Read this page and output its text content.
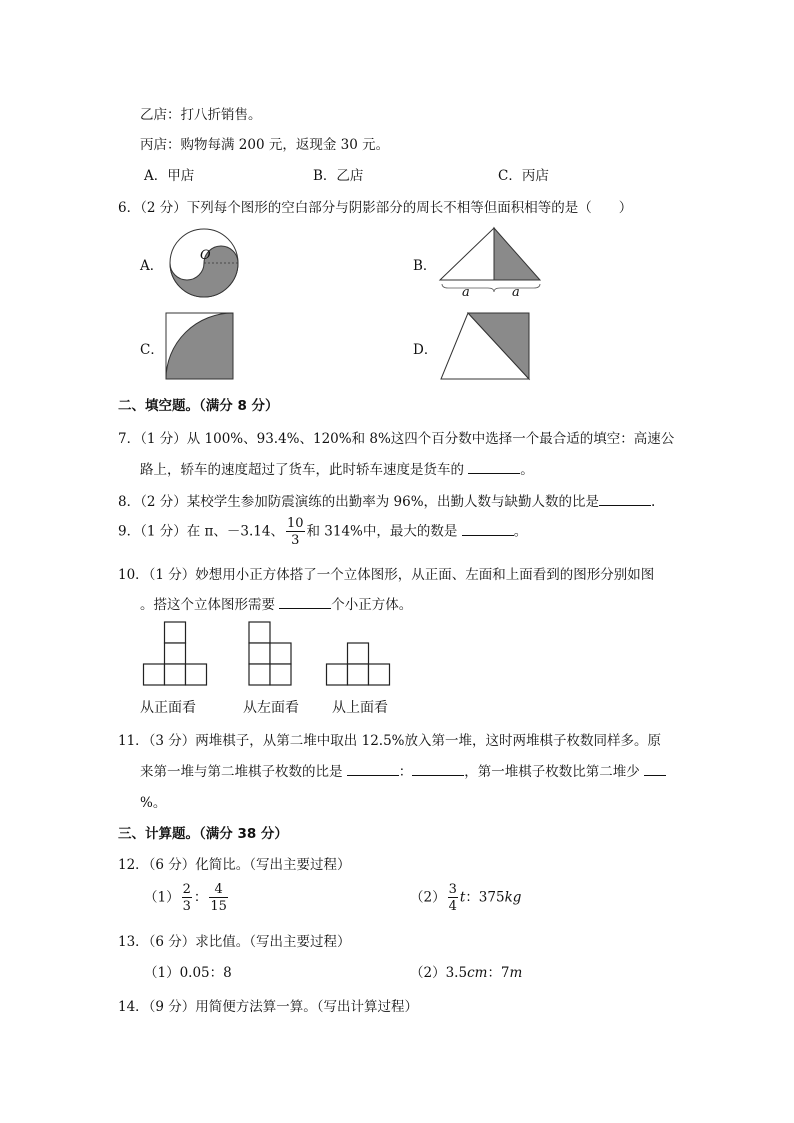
乙店：打八折销售。
丙店：购物每满 200 元，返现金 30 元。
A．甲店	B．乙店	C．丙店
6．（2 分）下列每个图形的空白部分与阴影部分的周长不相等但面积相等的是（　　）
A．
O
B．
a	a
C．	D．
二、填空题。（满分 8 分）
7．（1 分）从 100%、93.4%、120%和 8%这四个百分数中选择一个最合适的填空：高速公
路上，轿车的速度超过了货车，此时轿车速度是货车的	。
8．（2 分）某校学生参加防震演练的出勤率为 96%，出勤人数与缺勤人数的比是	.
9．（1 分）在 π、－3.14、 $\frac{10}{3}$ 和 314%中，最大的数是	。
10．（1 分）妙想用小正方体搭了一个立体图形，从正面、左面和上面看到的图形分别如图
。搭这个立体图形需要	个小正方体。
从正面看	从左面看 从上面看
11．（3 分）两堆棋子，从第二堆中取出 12.5%放入第一堆，这时两堆棋子枚数同样多。原
来第一堆与第二堆棋子枚数的比是	：	，第一堆棋子枚数比第二堆少
%。
三、计算题。（满分 38 分）
12．（6 分）化简比。（写出主要过程）
$(1) \frac{2}{3}$ ： $\frac{4}{15}$	$(2) \frac{3}{4}$ t：375kg
13．（6 分）求比值。（写出主要过程）
（1）0.05：8	（2）3.5cm：7m
14．（9 分）用简便方法算一算。（写出计算过程）
